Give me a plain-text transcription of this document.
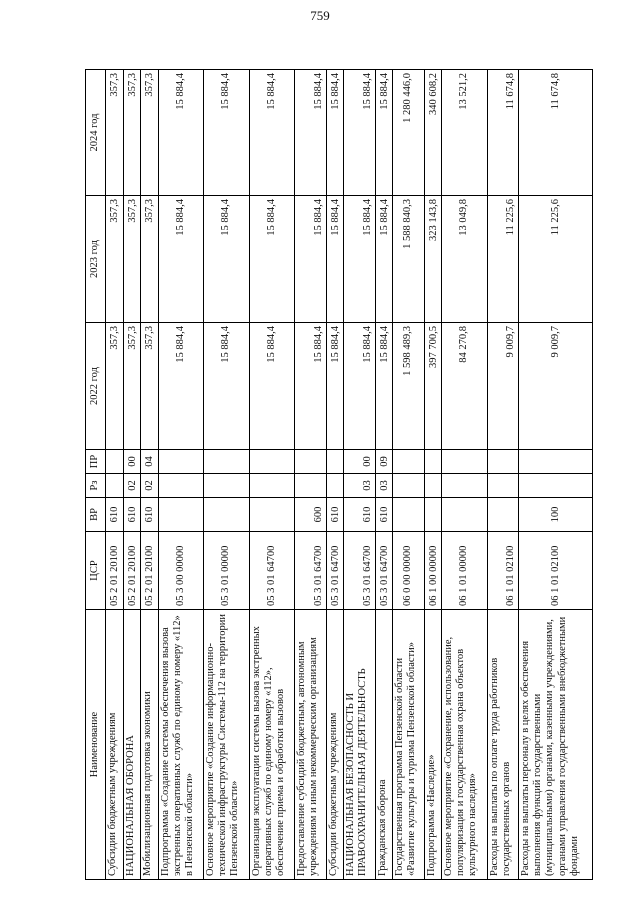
759
Наименование	ЦСР	ВР	Рз	ПР	2022 год	2023 год	2024 год
Субсидии бюджетным учреждениям	05 2 01 20100	610			357,3	357,3	357,3
НАЦИОНАЛЬНАЯ ОБОРОНА	05 2 01 20100	610	02	00	357,3	357,3	357,3
Мобилизационная подготовка экономики	05 2 01 20100	610	02	04	357,3	357,3	357,3
Подпрограмма «Создание системы обеспечения вызова экстренных оперативных служб по единому номеру «112» в Пензенской области»	05 3 00 00000				15 884,4	15 884,4	15 884,4
Основное мероприятие «Создание информационно-технической инфраструктуры Системы-112 на территории Пензенской области»	05 3 01 00000				15 884,4	15 884,4	15 884,4
Организация эксплуатации системы вызова экстренных оперативных служб по единому номеру «112», обеспечение приема и обработки вызовов	05 3 01 64700				15 884,4	15 884,4	15 884,4
Предоставление субсидий бюджетным, автономным учреждениям и иным некоммерческим организациям	05 3 01 64700	600			15 884,4	15 884,4	15 884,4
Субсидии бюджетным учреждениям	05 3 01 64700	610			15 884,4	15 884,4	15 884,4
НАЦИОНАЛЬНАЯ БЕЗОПАСНОСТЬ И ПРАВООХРАНИТЕЛЬНАЯ ДЕЯТЕЛЬНОСТЬ	05 3 01 64700	610	03	00	15 884,4	15 884,4	15 884,4
Гражданская оборона	05 3 01 64700	610	03	09	15 884,4	15 884,4	15 884,4
Государственная программа Пензенской области «Развитие культуры и туризма Пензенской области»	06 0 00 00000				1 598 489,3	1 588 840,3	1 280 446,0
Подпрограмма «Наследие»	06 1 00 00000				397 700,5	323 143,8	340 608,2
Основное мероприятие «Сохранение, использование, популяризация и государственная охрана объектов культурного наследия»	06 1 01 00000				84 270,8	13 049,8	13 521,2
Расходы на выплаты по оплате труда работников государственных органов	06 1 01 02100				9 009,7	11 225,6	11 674,8
Расходы на выплаты персоналу в целях обеспечения выполнения функций государственными (муниципальными) органами, казенными учреждениями, органами управления государственными внебюджетными фондами	06 1 01 02100	100			9 009,7	11 225,6	11 674,8
